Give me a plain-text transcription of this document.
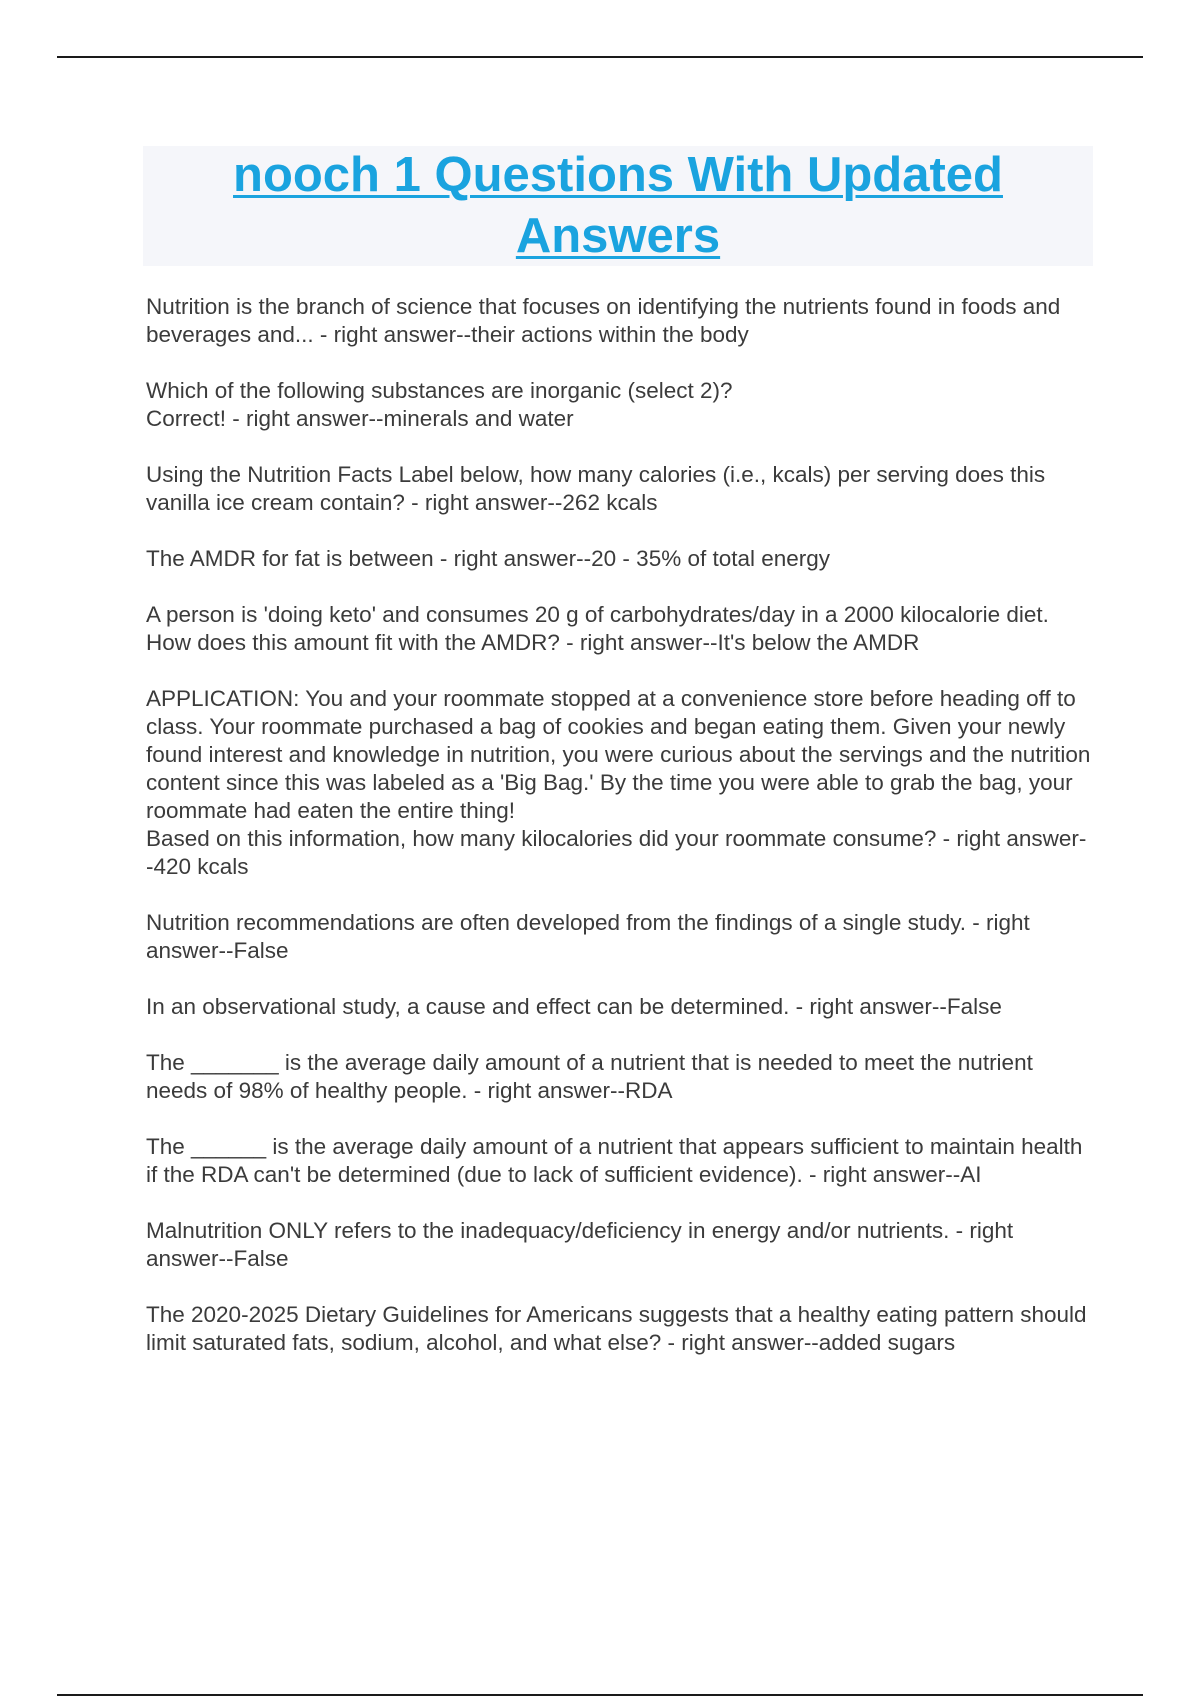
nooch 1 Questions With Updated Answers

Nutrition is the branch of science that focuses on identifying the nutrients found in foods and beverages and... - right answer--their actions within the body

Which of the following substances are inorganic (select 2)?
Correct! - right answer--minerals and water

Using the Nutrition Facts Label below, how many calories (i.e., kcals) per serving does this vanilla ice cream contain? - right answer--262 kcals

The AMDR for fat is between - right answer--20 - 35% of total energy

A person is 'doing keto' and consumes 20 g of carbohydrates/day in a 2000 kilocalorie diet. How does this amount fit with the AMDR? - right answer--It's below the AMDR

APPLICATION: You and your roommate stopped at a convenience store before heading off to class. Your roommate purchased a bag of cookies and began eating them. Given your newly found interest and knowledge in nutrition, you were curious about the servings and the nutrition content since this was labeled as a 'Big Bag.' By the time you were able to grab the bag, your roommate had eaten the entire thing!
Based on this information, how many kilocalories did your roommate consume? - right answer--420 kcals

Nutrition recommendations are often developed from the findings of a single study. - right answer--False

In an observational study, a cause and effect can be determined. - right answer--False

The _______ is the average daily amount of a nutrient that is needed to meet the nutrient needs of 98% of healthy people. - right answer--RDA

The ______ is the average daily amount of a nutrient that appears sufficient to maintain health if the RDA can't be determined (due to lack of sufficient evidence). - right answer--AI

Malnutrition ONLY refers to the inadequacy/deficiency in energy and/or nutrients. - right answer--False

The 2020-2025 Dietary Guidelines for Americans suggests that a healthy eating pattern should limit saturated fats, sodium, alcohol, and what else? - right answer--added sugars
